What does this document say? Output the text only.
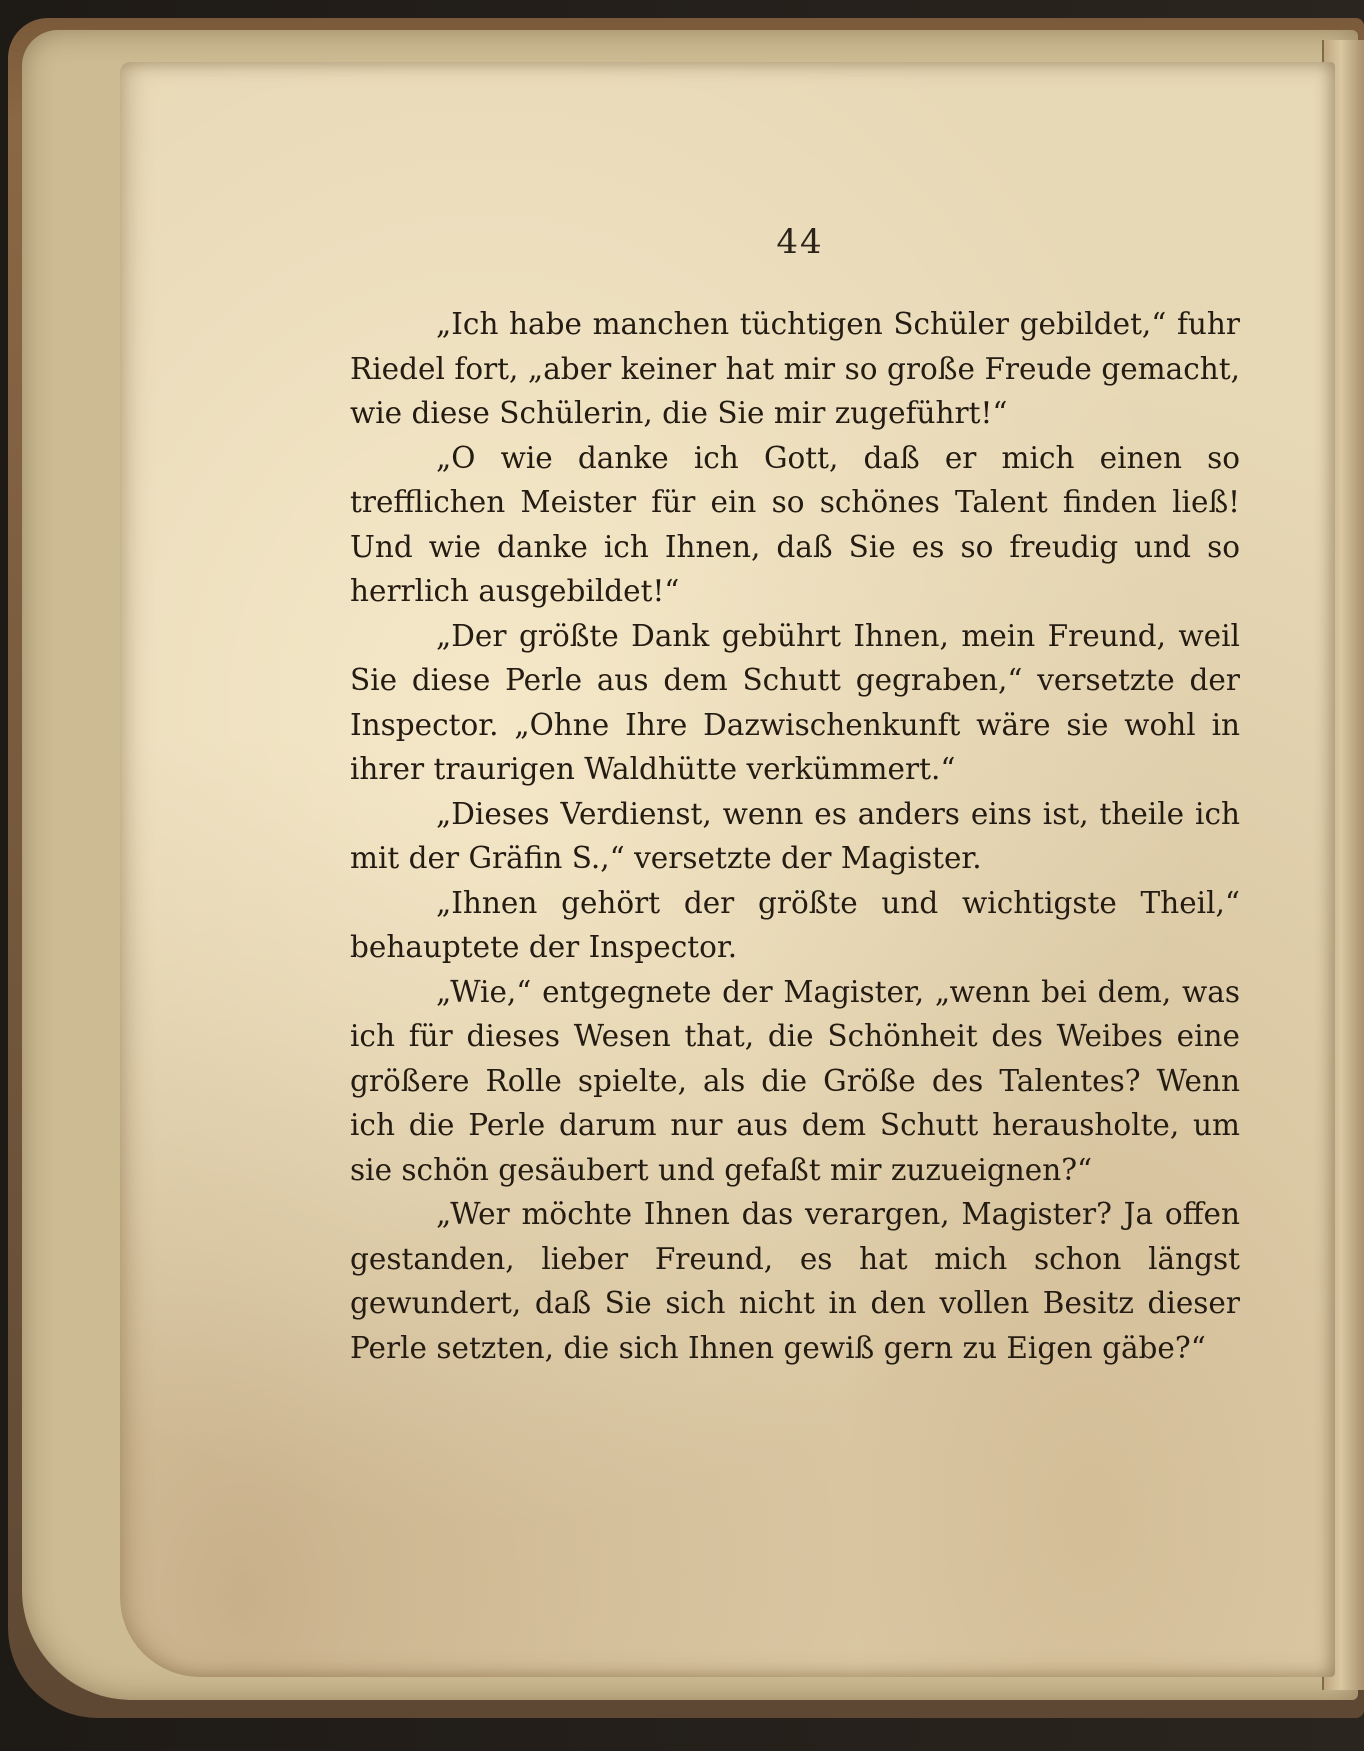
44

„Ich habe manchen tüchtigen Schüler gebildet,“ fuhr Riedel fort, „aber keiner hat mir so große Freude gemacht, wie diese Schülerin, die Sie mir zugeführt!“

„O wie danke ich Gott, daß er mich einen so trefflichen Meister für ein so schönes Talent finden ließ! Und wie danke ich Ihnen, daß Sie es so freudig und so herrlich ausgebildet!“

„Der größte Dank gebührt Ihnen, mein Freund, weil Sie diese Perle aus dem Schutt gegraben,“ versetzte der Inspector. „Ohne Ihre Dazwischenkunft wäre sie wohl in ihrer traurigen Waldhütte verkümmert.“

„Dieses Verdienst, wenn es anders eins ist, theile ich mit der Gräfin S.,“ versetzte der Magister.

„Ihnen gehört der größte und wichtigste Theil,“ behauptete der Inspector.

„Wie,“ entgegnete der Magister, „wenn bei dem, was ich für dieses Wesen that, die Schönheit des Weibes eine größere Rolle spielte, als die Größe des Talentes? Wenn ich die Perle darum nur aus dem Schutt herausholte, um sie schön gesäubert und gefaßt mir zuzueignen?“

„Wer möchte Ihnen das verargen, Magister? Ja offen gestanden, lieber Freund, es hat mich schon längst gewundert, daß Sie sich nicht in den vollen Besitz dieser Perle setzten, die sich Ihnen gewiß gern zu Eigen gäbe?“
